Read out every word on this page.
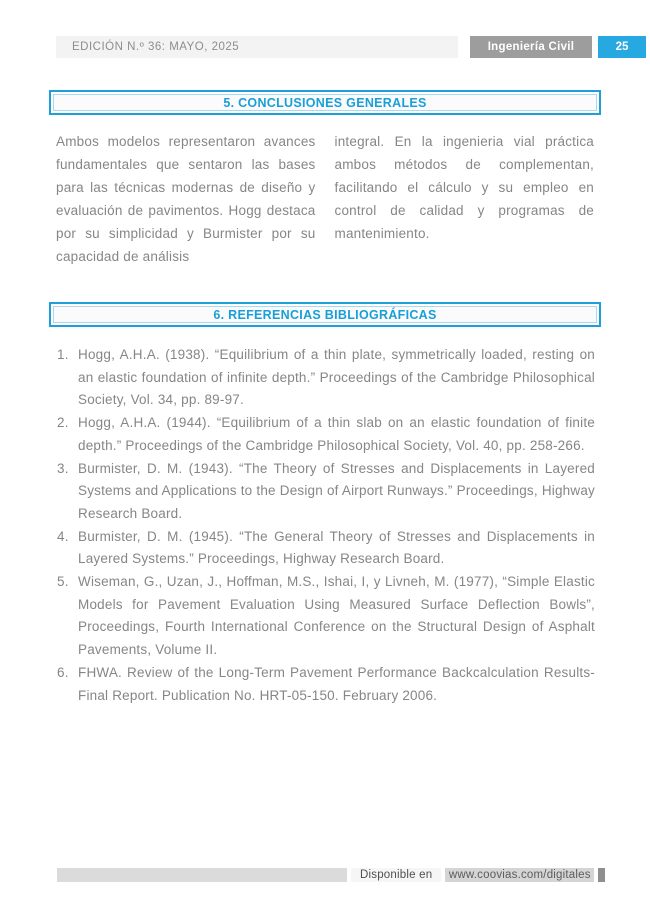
EDICIÓN N.º 36: MAYO, 2025	Ingeniería Civil	25
5. CONCLUSIONES GENERALES
Ambos modelos representaron avances fundamentales que sentaron las bases para las técnicas modernas de diseño y evaluación de pavimentos. Hogg destaca por su simplicidad y Burmister por su capacidad de análisis
integral. En la ingenieria vial práctica ambos métodos de complementan, facilitando el cálculo y su empleo en control de calidad y programas de mantenimiento.
6. REFERENCIAS BIBLIOGRÁFICAS
1. Hogg, A.H.A. (1938). “Equilibrium of a thin plate, symmetrically loaded, resting on an elastic foundation of infinite depth.” Proceedings of the Cambridge Philosophical Society, Vol. 34, pp. 89-97.
2. Hogg, A.H.A. (1944). “Equilibrium of a thin slab on an elastic foundation of finite depth.” Proceedings of the Cambridge Philosophical Society, Vol. 40, pp. 258-266.
3. Burmister, D. M. (1943). “The Theory of Stresses and Displacements in Layered Systems and Applications to the Design of Airport Runways.” Proceedings, Highway Research Board.
4. Burmister, D. M. (1945). “The General Theory of Stresses and Displacements in Layered Systems.” Proceedings, Highway Research Board.
5. Wiseman, G., Uzan, J., Hoffman, M.S., Ishai, I, y Livneh, M. (1977), “Simple Elastic Models for Pavement Evaluation Using Measured Surface Deflection Bowls”, Proceedings, Fourth International Conference on the Structural Design of Asphalt Pavements, Volume II.
6. FHWA. Review of the Long-Term Pavement Performance Backcalculation Results-Final Report. Publication No. HRT-05-150. February 2006.
Disponible en www.coovias.com/digitales
